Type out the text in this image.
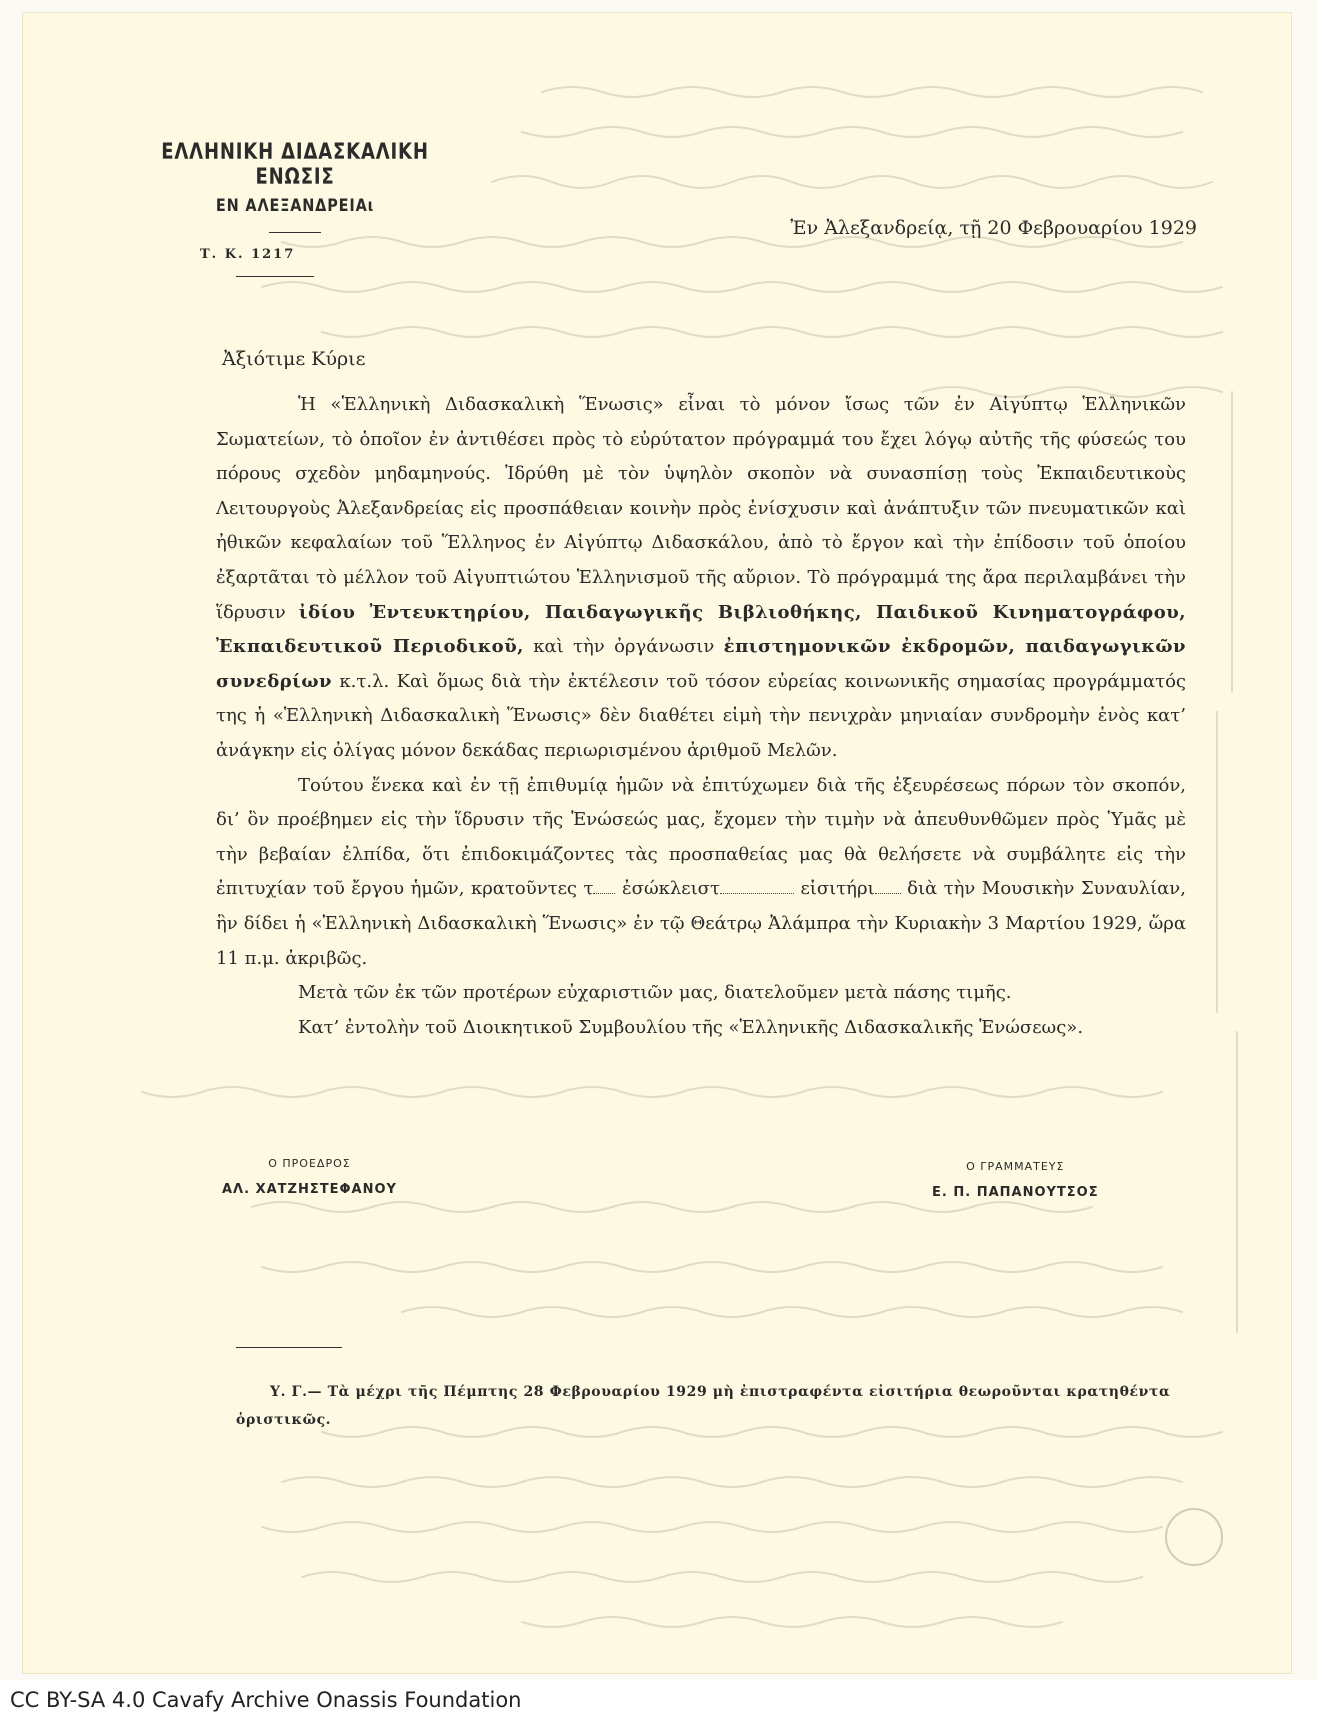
ΕΛΛΗΝΙΚΗ ΔΙΔΑΣΚΑΛΙΚΗ ΕΝΩΣΙΣ
ΕΝ ΑΛΕΞΑΝΔΡΕΙΑι
Τ. Κ. 1217
Ἐν Ἀλεξανδρείᾳ, τῇ 20 Φεβρουαρίου 1929
Ἀξιότιμε Κύριε

Ἡ «Ἑλληνικὴ Διδασκαλικὴ Ἕνωσις» εἶναι τὸ μόνον ἴσως τῶν ἐν Αἰγύπτῳ Ἑλληνικῶν Σωματείων, τὸ ὁποῖον ἐν ἀντιθέσει πρὸς τὸ εὐρύτατον πρόγραμμά του ἔχει λόγῳ αὐτῆς τῆς φύσεώς του πόρους σχεδὸν μηδαμηνούς. Ἱδρύθη μὲ τὸν ὑψηλὸν σκοπὸν νὰ συνασπίσῃ τοὺς Ἐκπαιδευτικοὺς Λειτουργοὺς Ἀλεξανδρείας εἰς προσπάθειαν κοινὴν πρὸς ἐνίσχυσιν καὶ ἀνάπτυξιν τῶν πνευματικῶν καὶ ἠθικῶν κεφαλαίων τοῦ Ἕλληνος ἐν Αἰγύπτῳ Διδασκάλου, ἀπὸ τὸ ἔργον καὶ τὴν ἐπίδοσιν τοῦ ὁποίου ἐξαρτᾶται τὸ μέλλον τοῦ Αἰγυπτιώτου Ἑλληνισμοῦ τῆς αὔριον. Τὸ πρόγραμμά της ἄρα περιλαμβάνει τὴν ἵδρυσιν ἰδίου Ἐντευκτηρίου, Παιδαγωγικῆς Βιβλιοθήκης, Παιδικοῦ Κινηματογράφου, Ἐκπαιδευτικοῦ Περιοδικοῦ, καὶ τὴν ὀργάνωσιν ἐπιστημονικῶν ἐκδρομῶν, παιδαγωγικῶν συνεδρίων κ.τ.λ. Καὶ ὅμως διὰ τὴν ἐκτέλεσιν τοῦ τόσον εὐρείας κοινωνικῆς σημασίας προγράμματός της ἡ «Ἑλληνικὴ Διδασκαλικὴ Ἕνωσις» δὲν διαθέτει εἰμὴ τὴν πενιχρὰν μηνιαίαν συνδρομὴν ἑνὸς κατ’ ἀνάγκην εἰς ὀλίγας μόνον δεκάδας περιωρισμένου ἀριθμοῦ Μελῶν.

Τούτου ἕνεκα καὶ ἐν τῇ ἐπιθυμίᾳ ἡμῶν νὰ ἐπιτύχωμεν διὰ τῆς ἐξευρέσεως πόρων τὸν σκοπόν, δι’ ὃν προέβημεν εἰς τὴν ἵδρυσιν τῆς Ἑνώσεώς μας, ἔχομεν τὴν τιμὴν νὰ ἀπευθυνθῶμεν πρὸς Ὑμᾶς μὲ τὴν βεβαίαν ἐλπίδα, ὅτι ἐπιδοκιμάζοντες τὰς προσπαθείας μας θὰ θελήσετε νὰ συμβάλητε εἰς τὴν ἐπιτυχίαν τοῦ ἔργου ἡμῶν, κρατοῦντες τ ἐσώκλειστ	εἰσιτήρι διὰ τὴν Μουσικὴν Συναυλίαν, ἣν δίδει ἡ «Ἑλληνικὴ Διδασκαλικὴ Ἕνωσις» ἐν τῷ Θεάτρῳ Ἀλάμπρα τὴν Κυριακὴν 3 Μαρτίου 1929, ὥρα 11 π.μ. ἀκριβῶς.

Μετὰ τῶν ἐκ τῶν προτέρων εὐχαριστιῶν μας, διατελοῦμεν μετὰ πάσης τιμῆς.

Κατ’ ἐντολὴν τοῦ Διοικητικοῦ Συμβουλίου τῆς «Ἑλληνικῆς Διδασκαλικῆς Ἑνώσεως».

Ο ΠΡΟΕΔΡΟΣ
ΑΛ. ΧΑΤΖΗΣΤΕΦΑΝΟΥ
Ο ΓΡΑΜΜΑΤΕΥΣ
Ε. Π. ΠΑΠΑΝΟΥΤΣΟΣ
Υ. Γ.— Τὰ μέχρι τῆς Πέμπτης 28 Φεβρουαρίου 1929 μὴ ἐπιστραφέντα εἰσιτήρια θεωροῦνται κρατηθέντα ὁριστικῶς.
CC BY-SA 4.0 Cavafy Archive Onassis Foundation
